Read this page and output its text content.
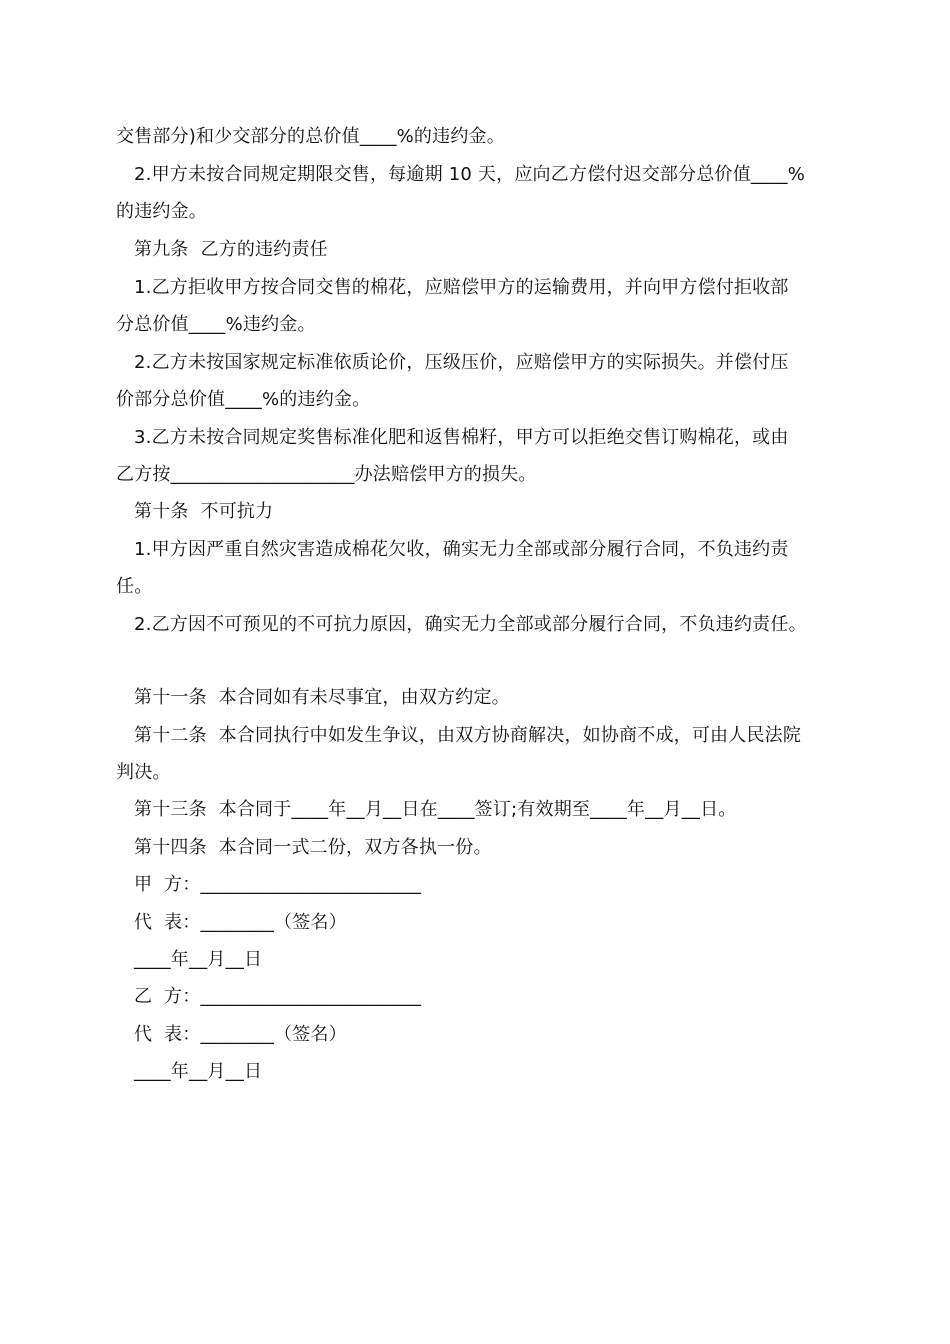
交售部分)和少交部分的总价值____%的违约金。
2.甲方未按合同规定期限交售，每逾期 10 天，应向乙方偿付迟交部分总价值____%
的违约金。
第九条  乙方的违约责任
1.乙方拒收甲方按合同交售的棉花，应赔偿甲方的运输费用，并向甲方偿付拒收部
分总价值____%违约金。
2.乙方未按国家规定标准依质论价，压级压价，应赔偿甲方的实际损失。并偿付压
价部分总价值____%的违约金。
3.乙方未按合同规定奖售标准化肥和返售棉籽，甲方可以拒绝交售订购棉花，或由
乙方按____________________办法赔偿甲方的损失。
第十条  不可抗力
1.甲方因严重自然灾害造成棉花欠收，确实无力全部或部分履行合同，不负违约责
任。
2.乙方因不可预见的不可抗力原因，确实无力全部或部分履行合同，不负违约责任。
第十一条  本合同如有未尽事宜，由双方约定。
第十二条  本合同执行中如发生争议，由双方协商解决，如协商不成，可由人民法院
判决。
第十三条  本合同于____年__月__日在____签订;有效期至____年__月__日。
第十四条  本合同一式二份，双方各执一份。
甲  方：________________________
代  表：________（签名）
____年__月__日
乙  方：________________________
代  表：________（签名）
____年__月__日
